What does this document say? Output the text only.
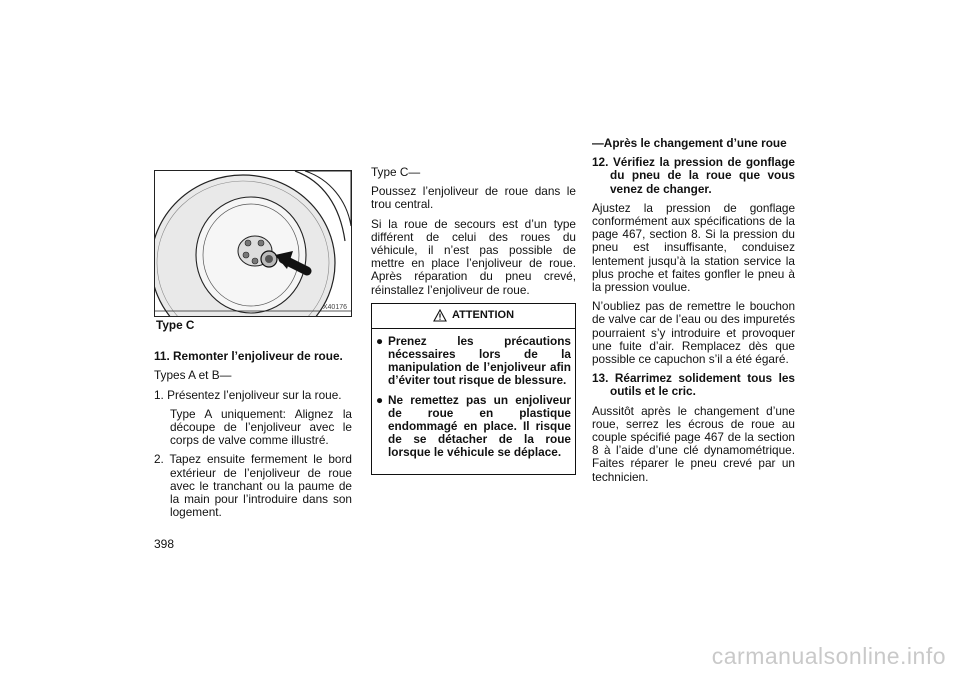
X40176
Type C

11. Remonter l’enjoliveur de roue.

Types A et B—

1. Présentez l’enjoliveur sur la roue.

Type A uniquement: Alignez la découpe de l’enjoliveur avec le corps de valve comme illustré.

2. Tapez ensuite fermement le bord extérieur de l’enjoliveur de roue avec le tranchant ou la paume de la main pour l’introduire dans son logement.

398

Type C—

Poussez l’enjoliveur de roue dans le trou central.

Si la roue de secours est d’un type différent de celui des roues du véhicule, il n’est pas possible de mettre en place l’enjoliveur de roue. Après réparation du pneu crevé, réinstallez l’enjoliveur de roue.

ATTENTION
● Prenez les précautions nécessaires lors de la manipulation de l’enjoliveur afin d’éviter tout risque de blessure.
● Ne remettez pas un enjoliveur de roue en plastique endommagé en place. Il risque de se détacher de la roue lorsque le véhicule se déplace.

—Après le changement d’une roue

12. Vérifiez la pression de gonflage du pneu de la roue que vous venez de changer.

Ajustez la pression de gonflage conformément aux spécifications de la page 467, section 8. Si la pression du pneu est insuffisante, conduisez lentement jusqu’à la station service la plus proche et faites gonfler le pneu à la pression voulue.

N’oubliez pas de remettre le bouchon de valve car de l’eau ou des impuretés pourraient s’y introduire et provoquer une fuite d’air. Remplacez dès que possible ce capuchon s’il a été égaré.

13. Réarrimez solidement tous les outils et le cric.

Aussitôt après le changement d’une roue, serrez les écrous de roue au couple spécifié page 467 de la section 8 à l’aide d’une clé dynamométrique. Faites réparer le pneu crevé par un technicien.

carmanualsonline.info
